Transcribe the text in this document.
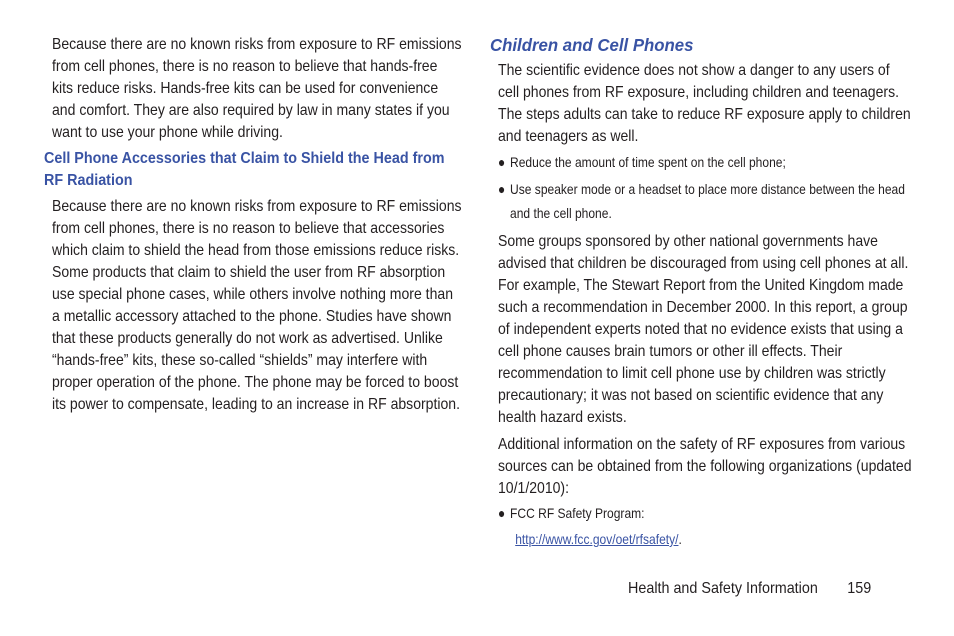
Because there are no known risks from exposure to RF emissions from cell phones, there is no reason to believe that hands-free kits reduce risks. Hands-free kits can be used for convenience and comfort. They are also required by law in many states if you want to use your phone while driving.

Cell Phone Accessories that Claim to Shield the Head from RF Radiation

Because there are no known risks from exposure to RF emissions from cell phones, there is no reason to believe that accessories which claim to shield the head from those emissions reduce risks. Some products that claim to shield the user from RF absorption use special phone cases, while others involve nothing more than a metallic accessory attached to the phone. Studies have shown that these products generally do not work as advertised. Unlike “hands-free” kits, these so-called “shields” may interfere with proper operation of the phone. The phone may be forced to boost its power to compensate, leading to an increase in RF absorption.

Children and Cell Phones

The scientific evidence does not show a danger to any users of cell phones from RF exposure, including children and teenagers. The steps adults can take to reduce RF exposure apply to children and teenagers as well.

● Reduce the amount of time spent on the cell phone;
● Use speaker mode or a headset to place more distance between the head and the cell phone.

Some groups sponsored by other national governments have advised that children be discouraged from using cell phones at all. For example, The Stewart Report from the United Kingdom made such a recommendation in December 2000. In this report, a group of independent experts noted that no evidence exists that using a cell phone causes brain tumors or other ill effects. Their recommendation to limit cell phone use by children was strictly precautionary; it was not based on scientific evidence that any health hazard exists.

Additional information on the safety of RF exposures from various sources can be obtained from the following organizations (updated 10/1/2010):

● FCC RF Safety Program:
http://www.fcc.gov/oet/rfsafety/.
Health and Safety Information 159
